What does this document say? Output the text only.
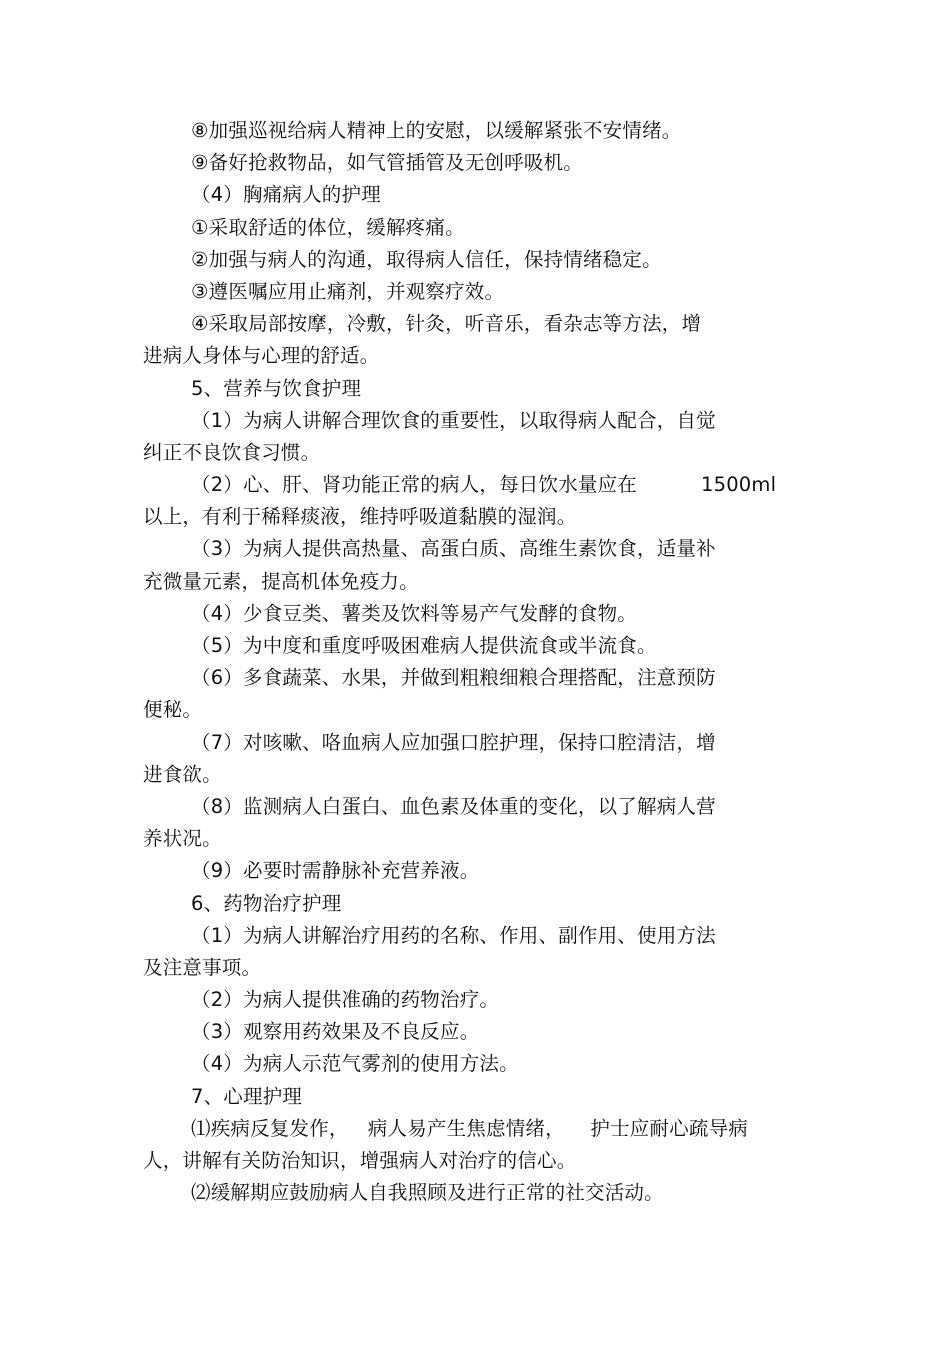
⑧加强巡视给病人精神上的安慰，以缓解紧张不安情绪。
⑨备好抢救物品，如气管插管及无创呼吸机。
（4）胸痛病人的护理
①采取舒适的体位，缓解疼痛。
②加强与病人的沟通，取得病人信任，保持情绪稳定。
③遵医嘱应用止痛剂，并观察疗效。
④采取局部按摩，冷敷，针灸，听音乐，看杂志等方法，增
进病人身体与心理的舒适。
5、营养与饮食护理
（1）为病人讲解合理饮食的重要性，以取得病人配合，自觉
纠正不良饮食习惯。
（2）心、肝、肾功能正常的病人，每日饮水量应在          1500ml
以上，有利于稀释痰液，维持呼吸道黏膜的湿润。
（3）为病人提供高热量、高蛋白质、高维生素饮食，适量补
充微量元素，提高机体免疫力。
（4）少食豆类、薯类及饮料等易产气发酵的食物。
（5）为中度和重度呼吸困难病人提供流食或半流食。
（6）多食蔬菜、水果，并做到粗粮细粮合理搭配，注意预防
便秘。
（7）对咳嗽、咯血病人应加强口腔护理，保持口腔清洁，增
进食欲。
（8）监测病人白蛋白、血色素及体重的变化，以了解病人营
养状况。
（9）必要时需静脉补充营养液。
6、药物治疗护理
（1）为病人讲解治疗用药的名称、作用、副作用、使用方法
及注意事项。
（2）为病人提供准确的药物治疗。
（3）观察用药效果及不良反应。
（4）为病人示范气雾剂的使用方法。
7、心理护理
⑴疾病反复发作，   病人易产生焦虑情绪，    护士应耐心疏导病
人，讲解有关防治知识，增强病人对治疗的信心。
⑵缓解期应鼓励病人自我照顾及进行正常的社交活动。
